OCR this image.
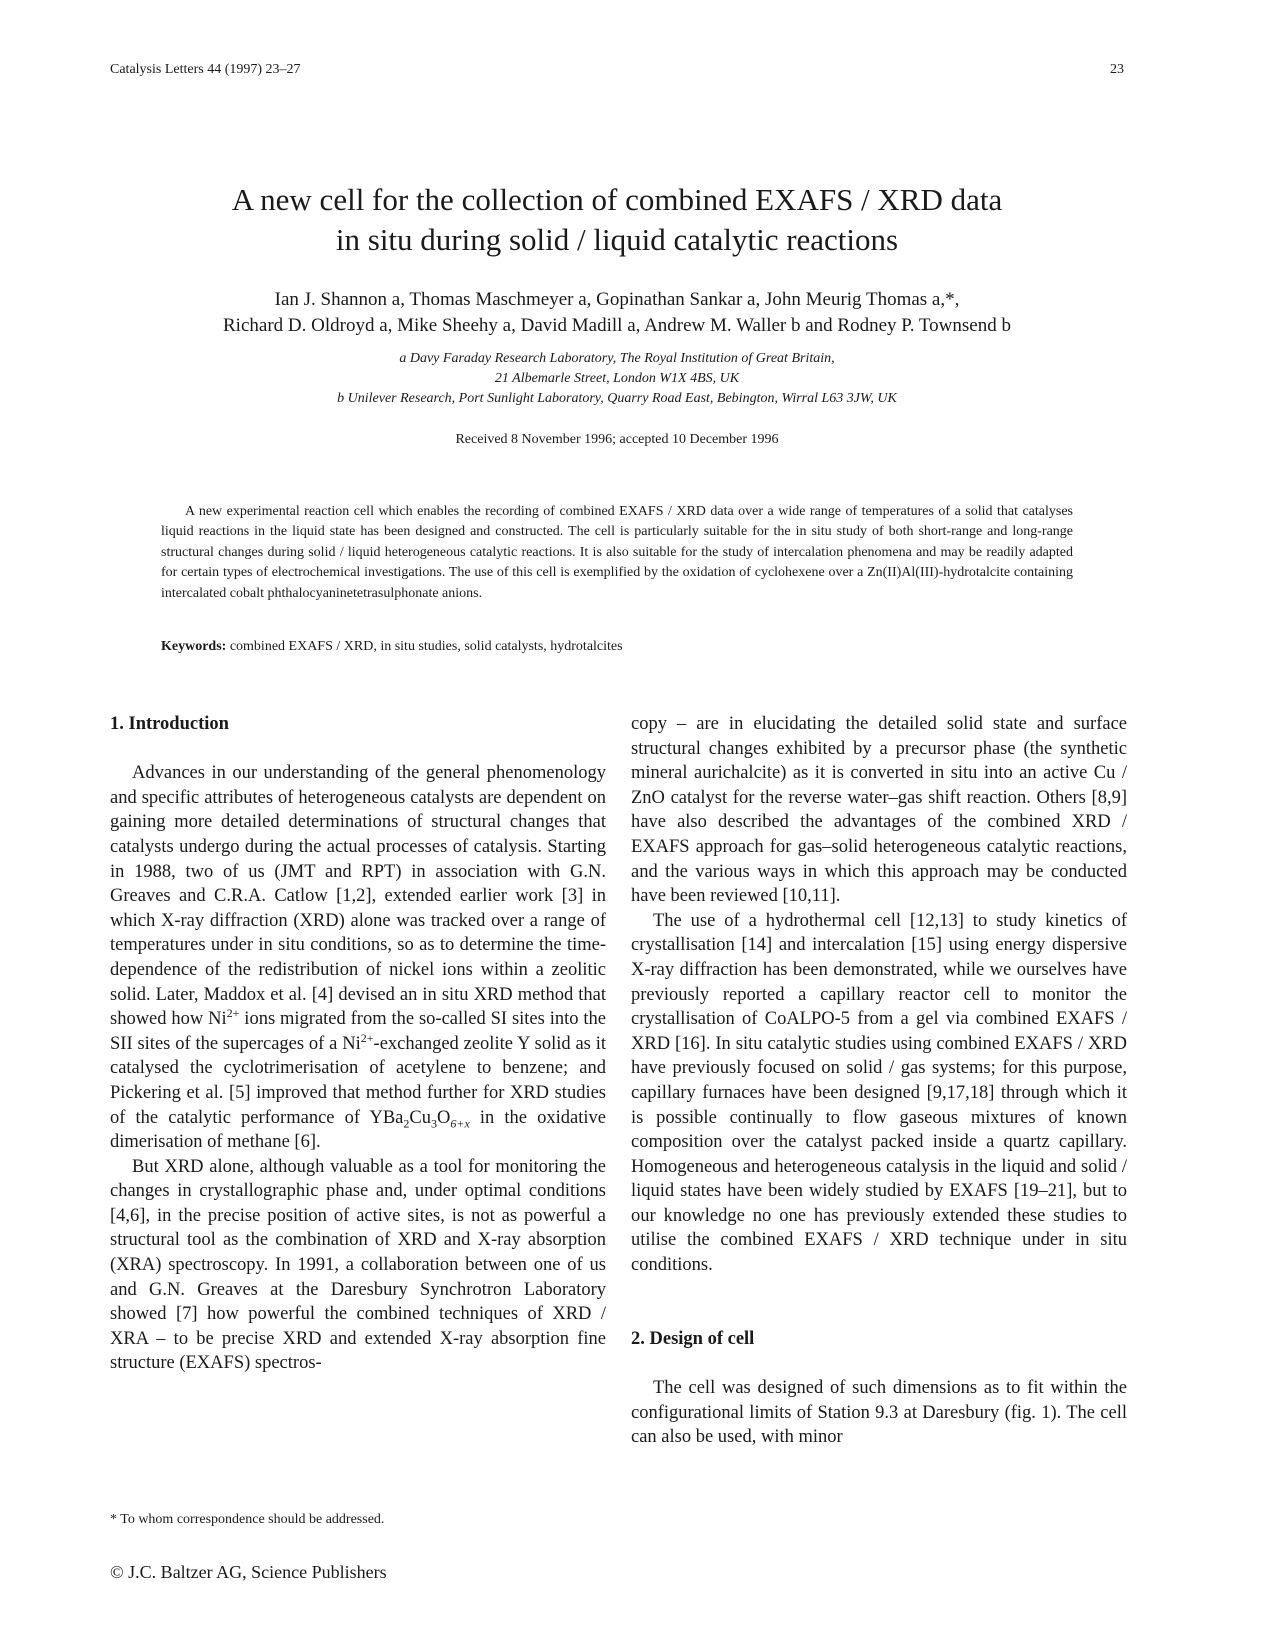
Catalysis Letters 44 (1997) 23–27	23
A new cell for the collection of combined EXAFS / XRD data
in situ during solid / liquid catalytic reactions
Ian J. Shannon a, Thomas Maschmeyer a, Gopinathan Sankar a, John Meurig Thomas a,*,
Richard D. Oldroyd a, Mike Sheehy a, David Madill a, Andrew M. Waller b and Rodney P. Townsend b
a Davy Faraday Research Laboratory, The Royal Institution of Great Britain,
21 Albemarle Street, London W1X 4BS, UK
b Unilever Research, Port Sunlight Laboratory, Quarry Road East, Bebington, Wirral L63 3JW, UK
Received 8 November 1996; accepted 10 December 1996
A new experimental reaction cell which enables the recording of combined EXAFS / XRD data over a wide range of temperatures of a solid that catalyses liquid reactions in the liquid state has been designed and constructed. The cell is particularly suitable for the in situ study of both short-range and long-range structural changes during solid / liquid heterogeneous catalytic reactions. It is also suitable for the study of intercalation phenomena and may be readily adapted for certain types of electrochemical investigations. The use of this cell is exemplified by the oxidation of cyclohexene over a Zn(II)Al(III)-hydrotalcite containing intercalated cobalt phthalocyaninetetrasulphonate anions.
Keywords: combined EXAFS / XRD, in situ studies, solid catalysts, hydrotalcites
1. Introduction

Advances in our understanding of the general phenomenology and specific attributes of heterogeneous catalysts are dependent on gaining more detailed determinations of structural changes that catalysts undergo during the actual processes of catalysis. Starting in 1988, two of us (JMT and RPT) in association with G.N. Greaves and C.R.A. Catlow [1,2], extended earlier work [3] in which X-ray diffraction (XRD) alone was tracked over a range of temperatures under in situ conditions, so as to determine the time-dependence of the redistribution of nickel ions within a zeolitic solid. Later, Maddox et al. [4] devised an in situ XRD method that showed how $Ni^{2+}$ ions migrated from the so-called SI sites into the SII sites of the supercages of a $Ni^{2+}$-exchanged zeolite Y solid as it catalysed the cyclotrimerisation of acetylene to benzene; and Pickering et al. [5] improved that method further for XRD studies of the catalytic performance of $YBa_2Cu_3O_{6+x}$ in the oxidative dimerisation of methane [6].

But XRD alone, although valuable as a tool for monitoring the changes in crystallographic phase and, under optimal conditions [4,6], in the precise position of active sites, is not as powerful a structural tool as the combination of XRD and X-ray absorption (XRA) spectroscopy. In 1991, a collaboration between one of us and G.N. Greaves at the Daresbury Synchrotron Laboratory showed [7] how powerful the combined techniques of XRD / XRA – to be precise XRD and extended X-ray absorption fine structure (EXAFS) spectros-

copy – are in elucidating the detailed solid state and surface structural changes exhibited by a precursor phase (the synthetic mineral aurichalcite) as it is converted in situ into an active Cu / ZnO catalyst for the reverse water–gas shift reaction. Others [8,9] have also described the advantages of the combined XRD / EXAFS approach for gas–solid heterogeneous catalytic reactions, and the various ways in which this approach may be conducted have been reviewed [10,11].

The use of a hydrothermal cell [12,13] to study kinetics of crystallisation [14] and intercalation [15] using energy dispersive X-ray diffraction has been demonstrated, while we ourselves have previously reported a capillary reactor cell to monitor the crystallisation of CoALPO-5 from a gel via combined EXAFS / XRD [16]. In situ catalytic studies using combined EXAFS / XRD have previously focused on solid / gas systems; for this purpose, capillary furnaces have been designed [9,17,18] through which it is possible continually to flow gaseous mixtures of known composition over the catalyst packed inside a quartz capillary. Homogeneous and heterogeneous catalysis in the liquid and solid / liquid states have been widely studied by EXAFS [19–21], but to our knowledge no one has previously extended these studies to utilise the combined EXAFS / XRD technique under in situ conditions.

2. Design of cell

The cell was designed of such dimensions as to fit within the configurational limits of Station 9.3 at Daresbury (fig. 1). The cell can also be used, with minor

* To whom correspondence should be addressed.
© J.C. Baltzer AG, Science Publishers
